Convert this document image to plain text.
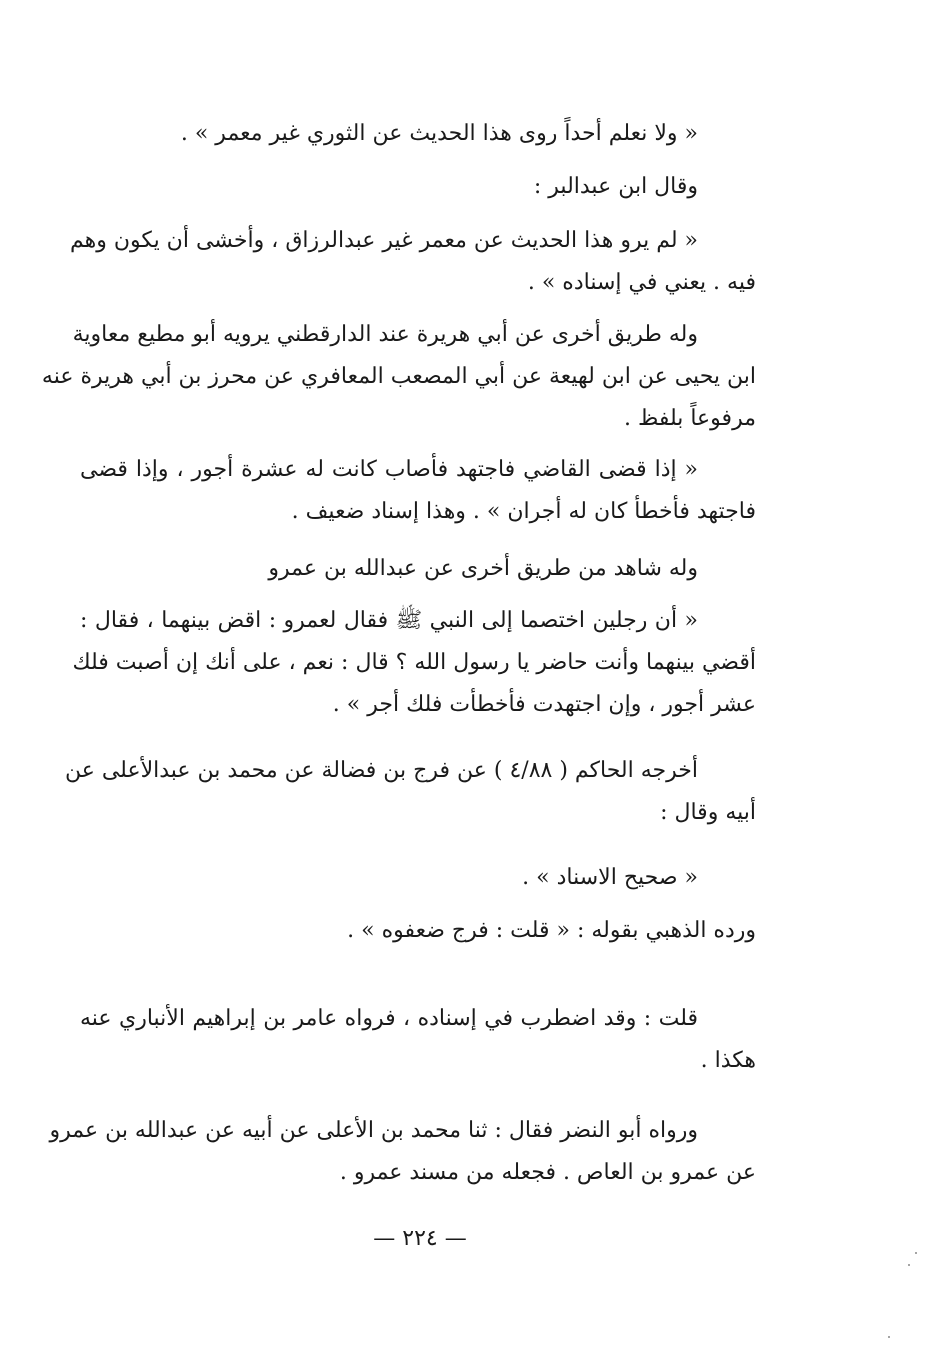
« ولا نعلم أحداً روى هذا الحديث عن الثوري غير معمر » .
وقال ابن عبدالبر :
« لم يرو هذا الحديث عن معمر غير عبدالرزاق ، وأخشى أن يكون وهم
فيه . يعني في إسناده » .
وله طريق أخرى عن أبي هريرة عند الدارقطني يرويه أبو مطيع معاوية
ابن يحيى عن ابن لهيعة عن أبي المصعب المعافري عن محرز بن أبي هريرة عنه
مرفوعاً بلفظ .
« إذا قضى القاضي فاجتهد فأصاب كانت له عشرة أجور ، وإذا قضى
فاجتهد فأخطأ كان له أجران » . وهذا إسناد ضعيف .
وله شاهد من طريق أخرى عن عبدالله بن عمرو
« أن رجلين اختصما إلى النبي ﷺ فقال لعمرو : اقض بينهما ، فقال :
أقضي بينهما وأنت حاضر يا رسول الله ؟ قال : نعم ، على أنك إن أصبت فلك
عشر أجور ، وإن اجتهدت فأخطأت فلك أجر » .
أخرجه الحاكم ( ٤/٨٨ ) عن فرج بن فضالة عن محمد بن عبدالأعلى عن
أبيه وقال :
« صحيح الاسناد » .
ورده الذهبي بقوله : « قلت : فرج ضعفوه » .
قلت : وقد اضطرب في إسناده ، فرواه عامر بن إبراهيم الأنباري عنه
هكذا .
ورواه أبو النضر فقال : ثنا محمد بن الأعلى عن أبيه عن عبدالله بن عمرو
عن عمرو بن العاص . فجعله من مسند عمرو .
— ٢٢٤ —
